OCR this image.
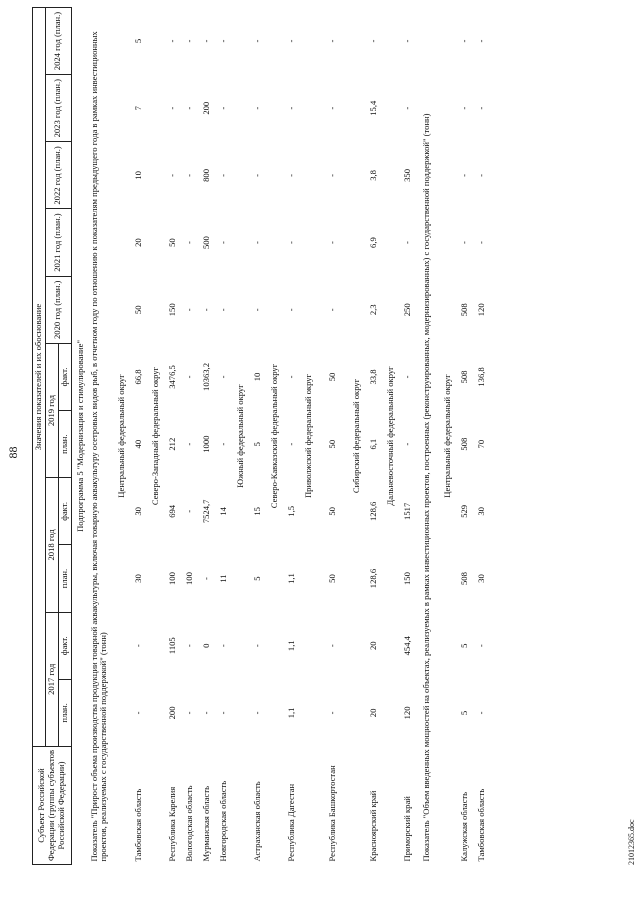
88
Субъект Российской Федерации (группы субъектов Российской Федерации)	Значения показателей и их обоснование										
	2017 год		2018 год		2019 год		2020 год (план.)	2021 год (план.)	2022 год (план.)	2023 год (план.)	2024 год (план.)
	план.	факт.	план.	факт.	план.	факт.					
Подпрограмма 5 "Модернизация и стимулирование"											
Показатель "Прирост объема производства продукции товарной аквакультуры, включая товарную аквакультуру осетровых видов рыб, в отчетном году по отношению к показателям предыдущего года в рамках инвестиционных проектов, реализуемых с государственной поддержкой" (тонн)											
Центральный федеральный округ											
Тамбовская область	-	-	30	30	40	66,8	50	20	10	7	5
Северо-Западный федеральный округ											
Республика Карелия	200	1105	100	694	212	3476,5	150	50	-	-	-
Вологодская область	-	-	100	-	-	-	-	-	-	-	-
Мурманская область	-	0	-	7524,7	1000	10363,2	-	500	800	200	-
Новгородская область	-	-	11	14	-	-	-	-	-	-	-
Южный федеральный округ											
Астраханская область	-	-	5	15	5	10	-	-	-	-	-
Северо-Кавказский федеральный округ											
Республика Дагестан	1,1	1,1	1,1	1,5	-	-	-	-	-	-	-
Приволжский федеральный округ											
Республика Башкортостан	-	-	50	50	50	50	-	-	-	-	-
Сибирский федеральный округ											
Красноярский край	20	20	128,6	128,6	6,1	33,8	2,3	6,9	3,8	15,4	-
Дальневосточный федеральный округ											
Приморский край	120	454,4	150	1517	-	-	250	-	350	-	-
Показатель "Объем введенных мощностей на объектах, реализуемых в рамках инвестиционных проектов, построенных (реконструированных, модернизированных) с государственной поддержкой" (тонн)											
Центральный федеральный округ											
Калужская область	5	5	508	529	508	508	508	-	-	-	-
Тамбовская область	-	-	30	30	70	136,8	120	-	-	-	-
21012365.doc
